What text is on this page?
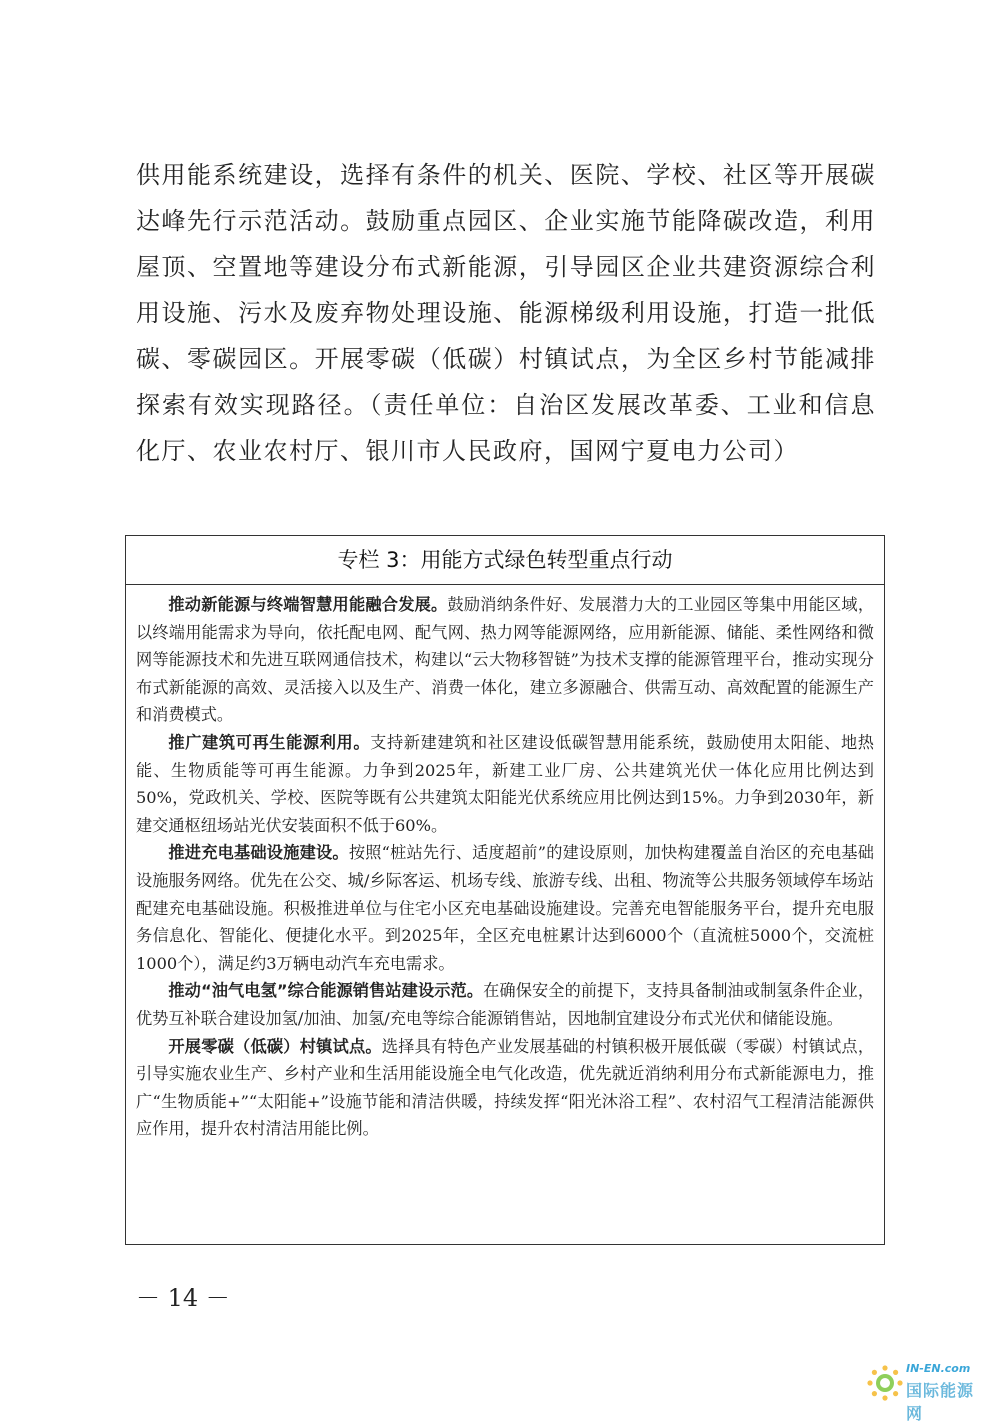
供用能系统建设，选择有条件的机关、医院、学校、社区等开展碳达峰先行示范活动。鼓励重点园区、企业实施节能降碳改造，利用屋顶、空置地等建设分布式新能源，引导园区企业共建资源综合利用设施、污水及废弃物处理设施、能源梯级利用设施，打造一批低碳、零碳园区。开展零碳（低碳）村镇试点，为全区乡村节能减排探索有效实现路径。（责任单位：自治区发展改革委、工业和信息化厅、农业农村厅、银川市人民政府，国网宁夏电力公司）

专栏 3：用能方式绿色转型重点行动

推动新能源与终端智慧用能融合发展。鼓励消纳条件好、发展潜力大的工业园区等集中用能区域，以终端用能需求为导向，依托配电网、配气网、热力网等能源网络，应用新能源、储能、柔性网络和微网等能源技术和先进互联网通信技术，构建以“云大物移智链”为技术支撑的能源管理平台，推动实现分布式新能源的高效、灵活接入以及生产、消费一体化，建立多源融合、供需互动、高效配置的能源生产和消费模式。

推广建筑可再生能源利用。支持新建建筑和社区建设低碳智慧用能系统，鼓励使用太阳能、地热能、生物质能等可再生能源。力争到2025年，新建工业厂房、公共建筑光伏一体化应用比例达到50%，党政机关、学校、医院等既有公共建筑太阳能光伏系统应用比例达到15%。力争到2030年，新建交通枢纽场站光伏安装面积不低于60%。

推进充电基础设施建设。按照“桩站先行、适度超前”的建设原则，加快构建覆盖自治区的充电基础设施服务网络。优先在公交、城/乡际客运、机场专线、旅游专线、出租、物流等公共服务领域停车场站配建充电基础设施。积极推进单位与住宅小区充电基础设施建设。完善充电智能服务平台，提升充电服务信息化、智能化、便捷化水平。到2025年，全区充电桩累计达到6000个（直流桩5000个，交流桩1000个），满足约3万辆电动汽车充电需求。

推动“油气电氢”综合能源销售站建设示范。在确保安全的前提下，支持具备制油或制氢条件企业，优势互补联合建设加氢/加油、加氢/充电等综合能源销售站，因地制宜建设分布式光伏和储能设施。

开展零碳（低碳）村镇试点。选择具有特色产业发展基础的村镇积极开展低碳（零碳）村镇试点，引导实施农业生产、乡村产业和生活用能设施全电气化改造，优先就近消纳利用分布式新能源电力，推广“生物质能+”“太阳能+”设施节能和清洁供暖，持续发挥“阳光沐浴工程”、农村沼气工程清洁能源供应作用，提升农村清洁用能比例。

－ 14 －
IN-EN.com
国际能源网
